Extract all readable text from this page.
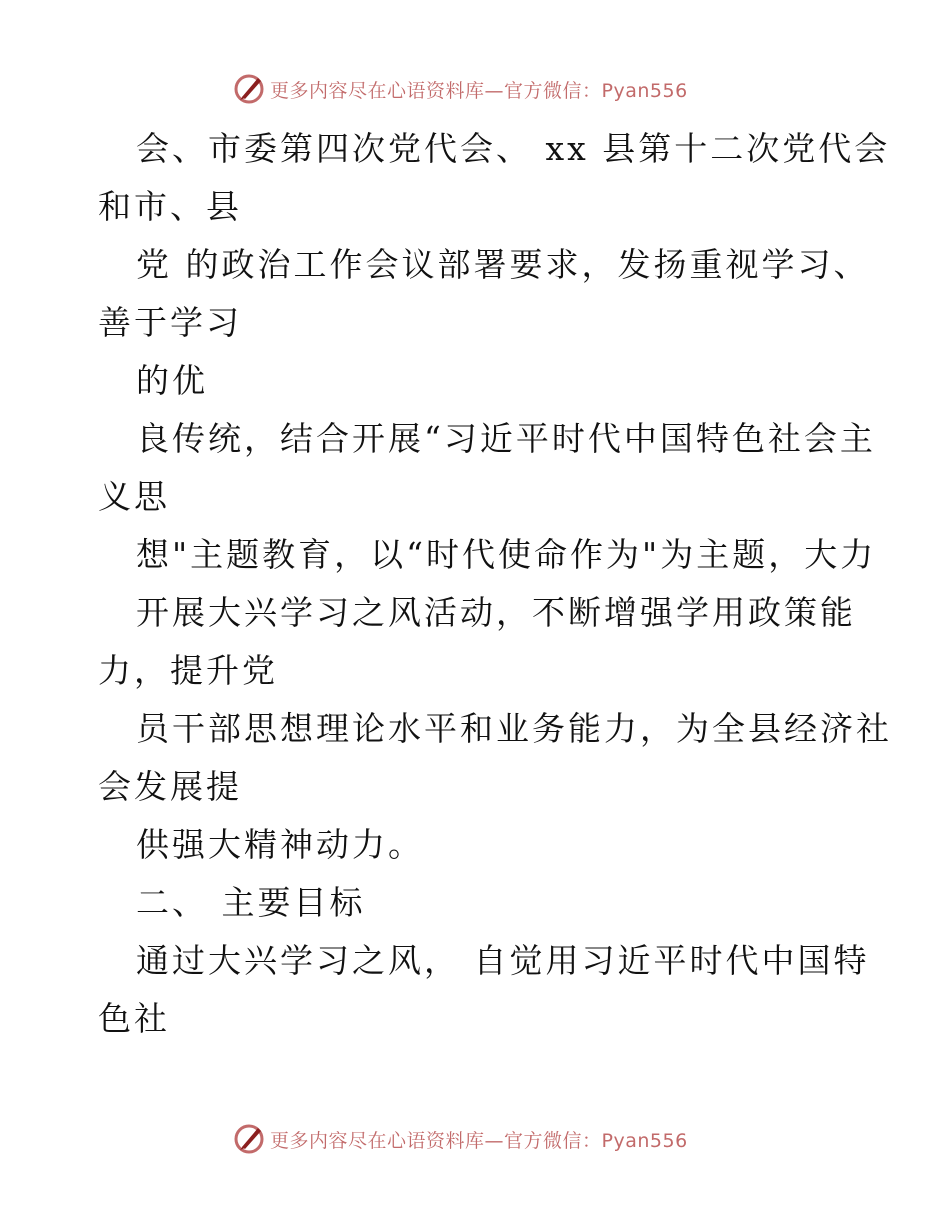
更多内容尽在心语资料库—官方微信：Pyan556
会、市委第四次党代会、 xx 县第十二次党代会
和市、县
党 的政治工作会议部署要求，发扬重视学习、
善于学习
的优
良传统，结合开展“习近平时代中国特色社会主
义思
想"主题教育，以“时代使命作为"为主题，大力
开展大兴学习之风活动，不断增强学用政策能
力，提升党
员干部思想理论水平和业务能力，为全县经济社
会发展提
供强大精神动力。
二、 主要目标
通过大兴学习之风， 自觉用习近平时代中国特
色社
更多内容尽在心语资料库—官方微信：Pyan556
